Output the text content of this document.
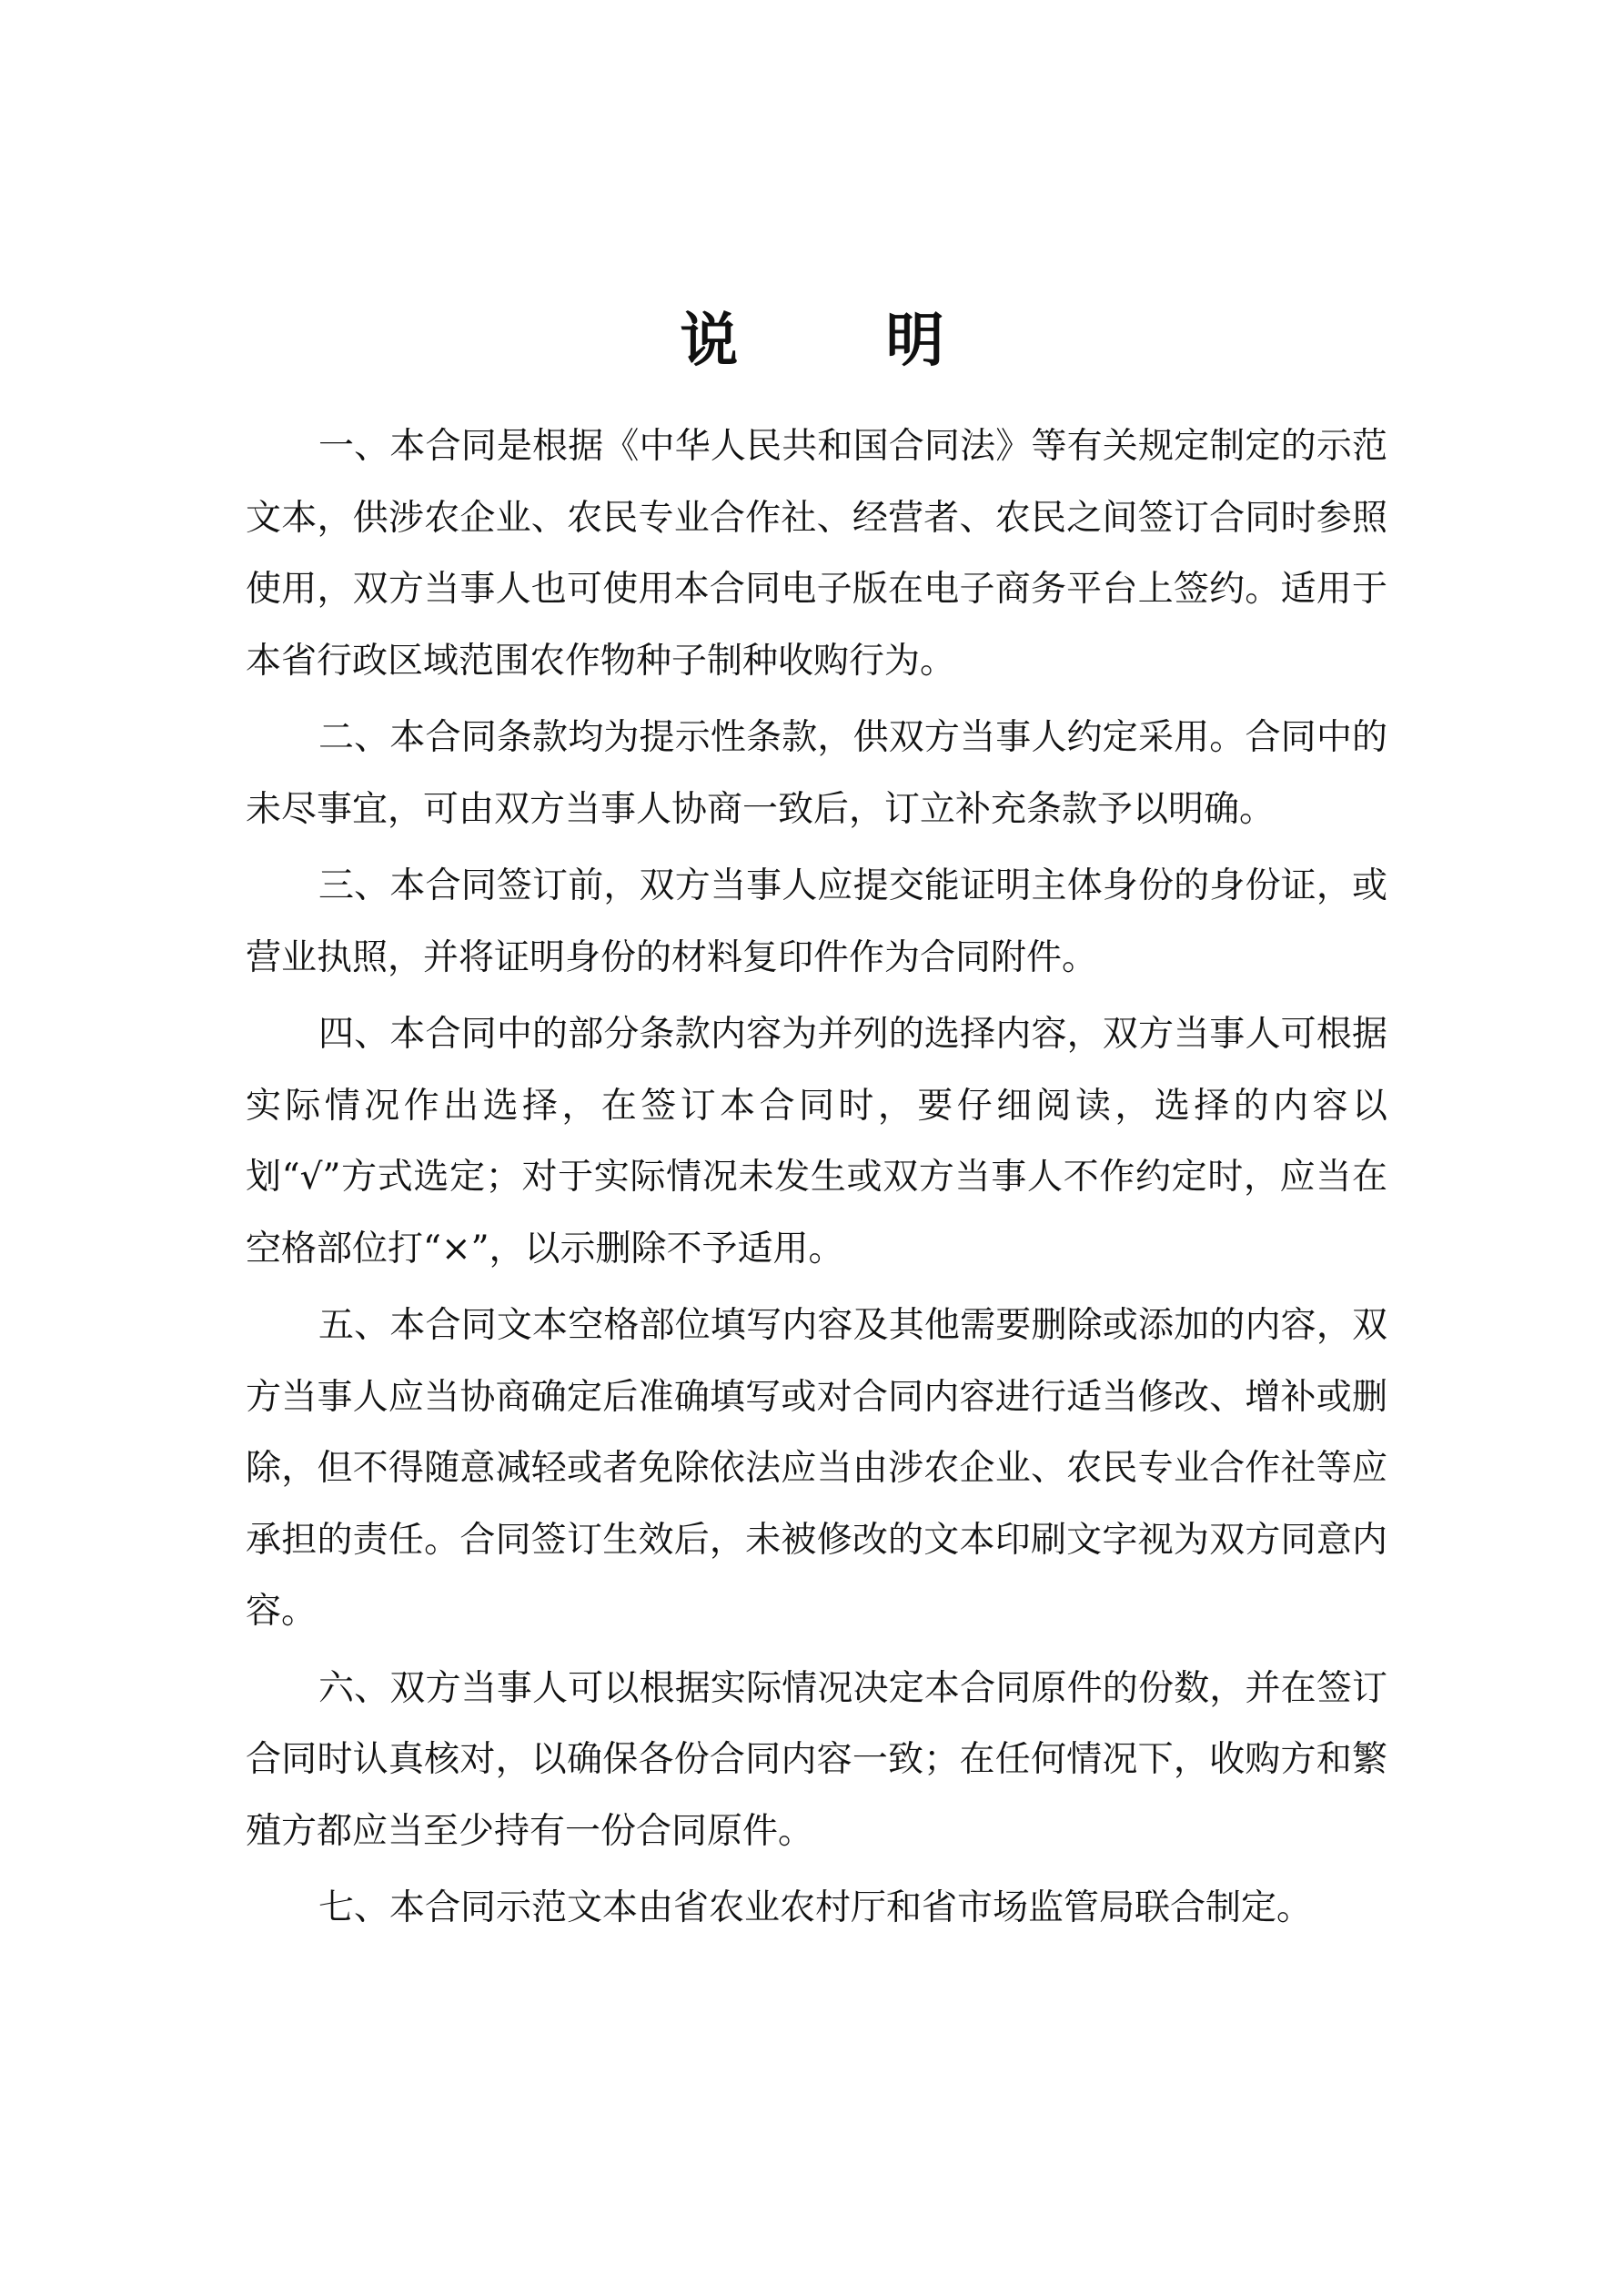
说 明

一、本合同是根据《中华人民共和国合同法》等有关规定制定的示范文本，供涉农企业、农民专业合作社、经营者、农民之间签订合同时参照使用，双方当事人也可使用本合同电子版在电子商务平台上签约。适用于本省行政区域范围农作物种子制种收购行为。

二、本合同条款均为提示性条款，供双方当事人约定采用。合同中的未尽事宜，可由双方当事人协商一致后，订立补充条款予以明确。

三、本合同签订前，双方当事人应提交能证明主体身份的身份证，或营业执照，并将证明身份的材料复印件作为合同附件。

四、本合同中的部分条款内容为并列的选择内容，双方当事人可根据实际情况作出选择，在签订本合同时，要仔细阅读，选择的内容以划“√”方式选定；对于实际情况未发生或双方当事人不作约定时，应当在空格部位打“×”，以示删除不予适用。

五、本合同文本空格部位填写内容及其他需要删除或添加的内容，双方当事人应当协商确定后准确填写或对合同内容进行适当修改、增补或删除，但不得随意减轻或者免除依法应当由涉农企业、农民专业合作社等应承担的责任。合同签订生效后，未被修改的文本印刷文字视为双方同意内容。

六、双方当事人可以根据实际情况决定本合同原件的份数，并在签订合同时认真核对，以确保各份合同内容一致；在任何情况下，收购方和繁殖方都应当至少持有一份合同原件。

七、本合同示范文本由省农业农村厅和省市场监管局联合制定。
